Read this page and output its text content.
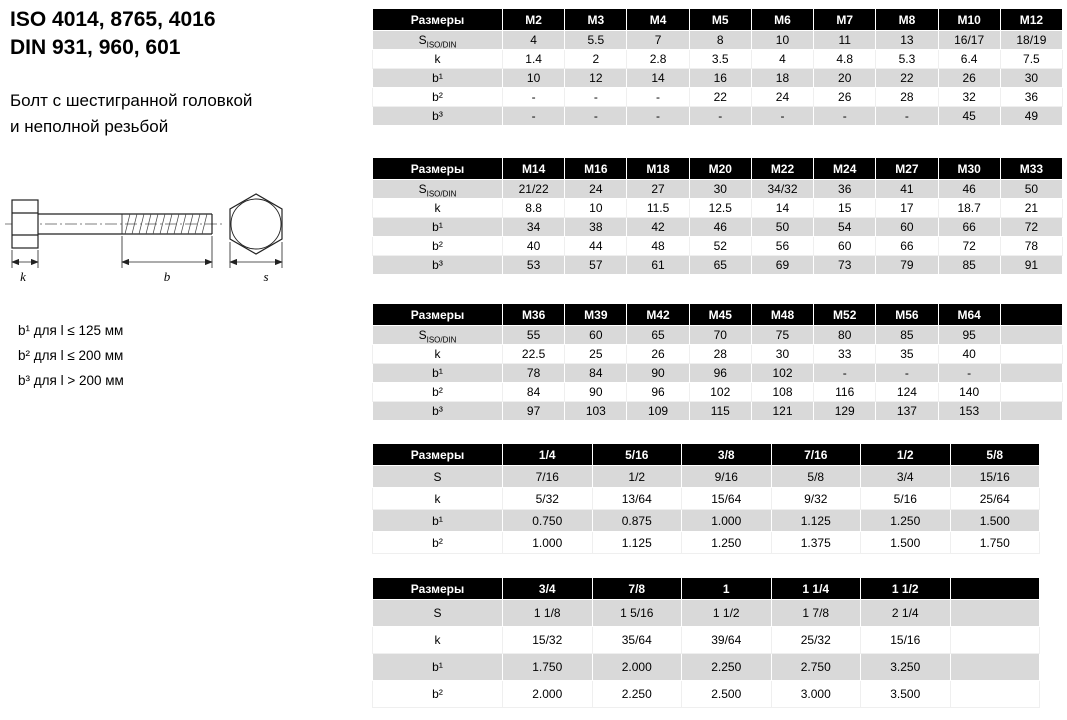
ISO 4014, 8765, 4016
DIN 931, 960, 601
Болт с шестигранной головкой
и неполной резьбой
k	b	s
b¹ для l ≤ 125 мм
b² для l ≤ 200 мм
b³ для l > 200 мм
Размеры	M2	M3	M4	M5	M6	M7	M8	M10	M12
$S_{ISO/DIN}$	4	5.5	7	8	10	11	13	16/17	18/19
k	1.4	2	2.8	3.5	4	4.8	5.3	6.4	7.5
b¹	10	12	14	16	18	20	22	26	30
b²	-	-	-	22	24	26	28	32	36
b³	-	-	-	-	-	-	-	45	49
Размеры	M14	M16	M18	M20	M22	M24	M27	M30	M33
$S_{ISO/DIN}$	21/22	24	27	30	34/32	36	41	46	50
k	8.8	10	11.5	12.5	14	15	17	18.7	21
b¹	34	38	42	46	50	54	60	66	72
b²	40	44	48	52	56	60	66	72	78
b³	53	57	61	65	69	73	79	85	91
Размеры	M36	M39	M42	M45	M48	M52	M56	M64	
$S_{ISO/DIN}$	55	60	65	70	75	80	85	95	
k	22.5	25	26	28	30	33	35	40	
b¹	78	84	90	96	102	-	-	-	
b²	84	90	96	102	108	116	124	140	
b³	97	103	109	115	121	129	137	153	
Размеры	1/4	5/16	3/8	7/16	1/2	5/8
S	7/16	1/2	9/16	5/8	3/4	15/16
k	5/32	13/64	15/64	9/32	5/16	25/64
b¹	0.750	0.875	1.000	1.125	1.250	1.500
b²	1.000	1.125	1.250	1.375	1.500	1.750
Размеры	3/4	7/8	1	1 1/4	1 1/2	
S	1 1/8	1 5/16	1 1/2	1 7/8	2 1/4	
k	15/32	35/64	39/64	25/32	15/16	
b¹	1.750	2.000	2.250	2.750	3.250	
b²	2.000	2.250	2.500	3.000	3.500	
